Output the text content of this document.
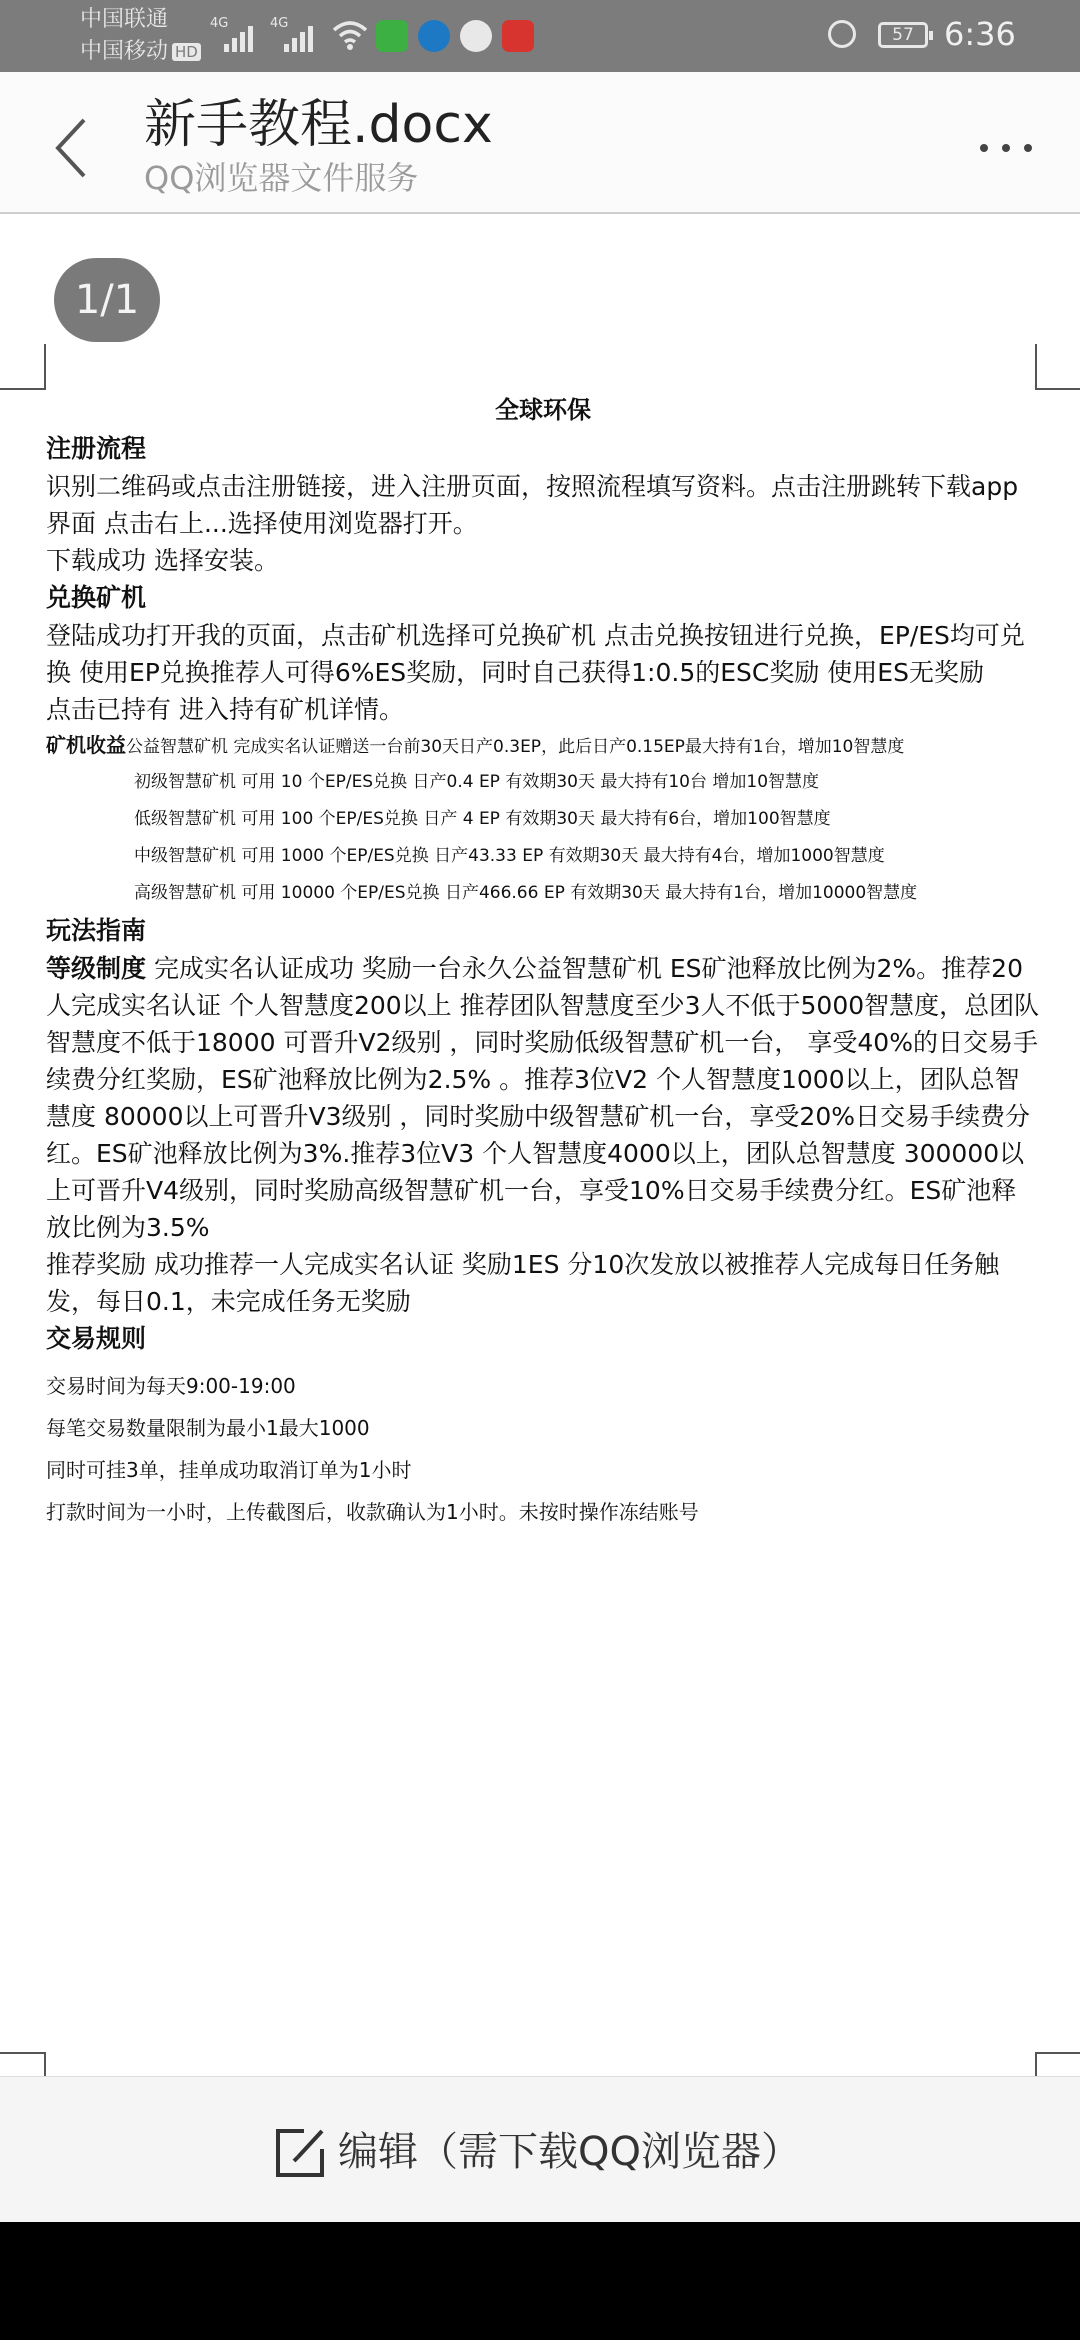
中国联通
中国移动 HD
4G	4G
57 6:36
新手教程.docx
QQ浏览器文件服务
1/1
全球环保
注册流程
识别二维码或点击注册链接，进入注册页面，按照流程填写资料。点击注册跳转下载app界面 点击右上...选择使用浏览器打开。
下载成功 选择安装。
兑换矿机
登陆成功打开我的页面，点击矿机选择可兑换矿机 点击兑换按钮进行兑换，EP/ES均可兑换 使用EP兑换推荐人可得6%ES奖励，同时自己获得1:0.5的ESC奖励 使用ES无奖励
点击已持有 进入持有矿机详情。
矿机收益公益智慧矿机 完成实名认证赠送一台前30天日产0.3EP，此后日产0.15EP最大持有1台，增加10智慧度
初级智慧矿机 可用 10 个EP/ES兑换 日产0.4 EP 有效期30天 最大持有10台 增加10智慧度
低级智慧矿机 可用 100 个EP/ES兑换 日产 4 EP 有效期30天 最大持有6台，增加100智慧度
中级智慧矿机 可用 1000 个EP/ES兑换 日产43.33 EP 有效期30天 最大持有4台，增加1000智慧度
高级智慧矿机 可用 10000 个EP/ES兑换 日产466.66 EP 有效期30天 最大持有1台，增加10000智慧度
玩法指南
等级制度 完成实名认证成功 奖励一台永久公益智慧矿机 ES矿池释放比例为2%。推荐20人完成实名认证 个人智慧度200以上 推荐团队智慧度至少3人不低于5000智慧度，总团队智慧度不低于18000 可晋升V2级别 ，同时奖励低级智慧矿机一台， 享受40%的日交易手续费分红奖励，ES矿池释放比例为2.5% 。推荐3位V2 个人智慧度1000以上，团队总智慧度 80000以上可晋升V3级别 ，同时奖励中级智慧矿机一台，享受20%日交易手续费分红。ES矿池释放比例为3%.推荐3位V3 个人智慧度4000以上，团队总智慧度 300000以上可晋升V4级别，同时奖励高级智慧矿机一台，享受10%日交易手续费分红。ES矿池释放比例为3.5%
推荐奖励 成功推荐一人完成实名认证 奖励1ES 分10次发放以被推荐人完成每日任务触发，每日0.1，未完成任务无奖励
交易规则
交易时间为每天9:00-19:00
每笔交易数量限制为最小1最大1000
同时可挂3单，挂单成功取消订单为1小时
打款时间为一小时，上传截图后，收款确认为1小时。未按时操作冻结账号
编辑（需下载QQ浏览器）
